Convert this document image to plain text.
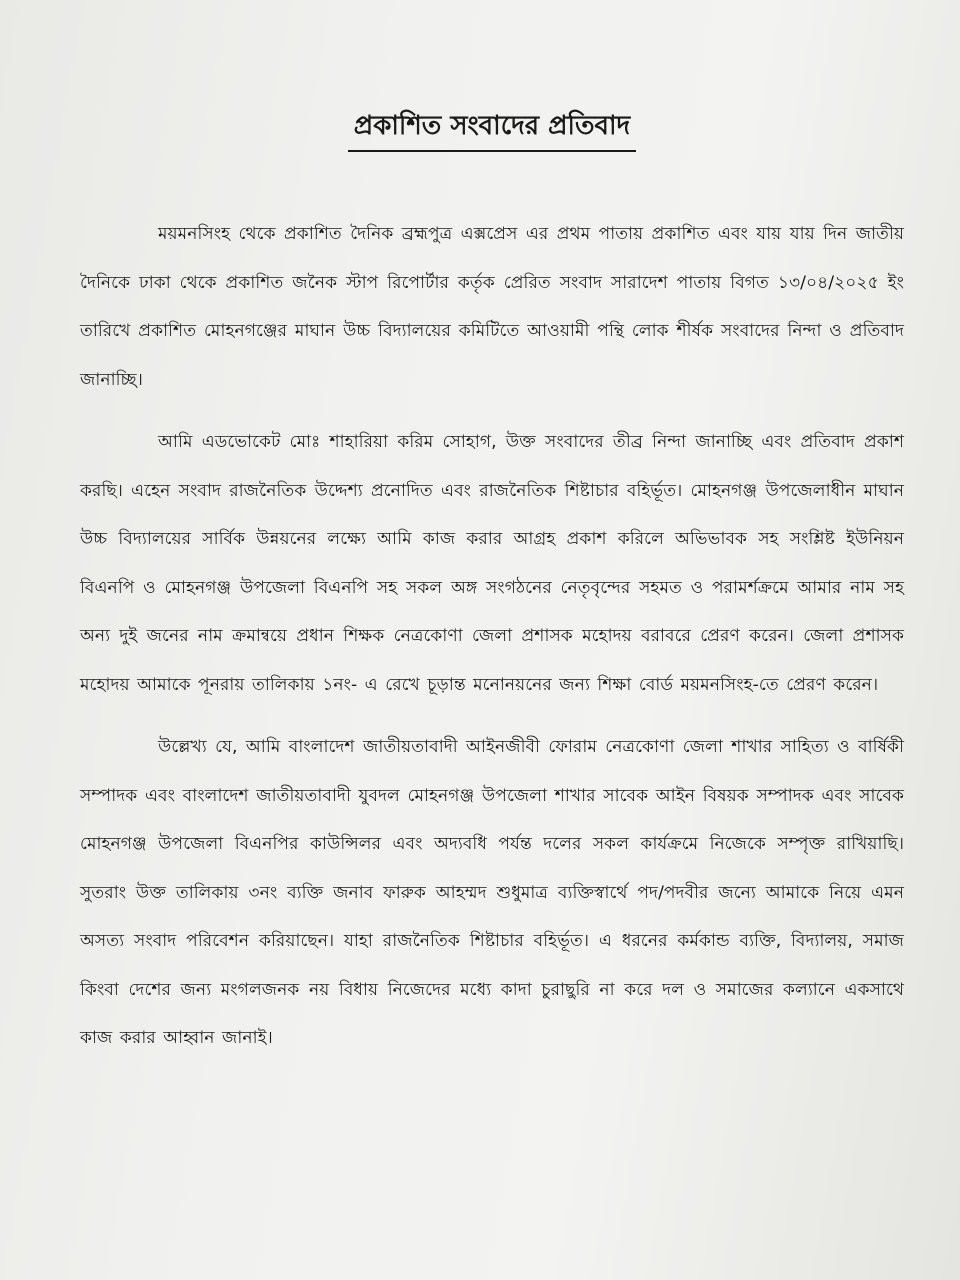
প্রকাশিত সংবাদের প্রতিবাদ

ময়মনসিংহ থেকে প্রকাশিত দৈনিক ব্রহ্মপুত্র এক্সপ্রেস এর প্রথম পাতায় প্রকাশিত এবং যায় যায় দিন জাতীয় দৈনিকে ঢাকা থেকে প্রকাশিত জনৈক স্টাপ রিপোর্টার কর্তৃক প্রেরিত সংবাদ সারাদেশ পাতায় বিগত ১৩/০৪/২০২৫ ইং তারিখে প্রকাশিত মোহনগঞ্জের মাঘান উচ্চ বিদ্যালয়ের কমিটিতে আওয়ামী পন্থি লোক শীর্ষক সংবাদের নিন্দা ও প্রতিবাদ জানাচ্ছি।

আমি এডভোকেট মোঃ শাহারিয়া করিম সোহাগ, উক্ত সংবাদের তীব্র নিন্দা জানাচ্ছি এবং প্রতিবাদ প্রকাশ করছি। এহেন সংবাদ রাজনৈতিক উদ্দেশ্য প্রনোদিত এবং রাজনৈতিক শিষ্টাচার বহির্ভূত। মোহনগঞ্জ উপজেলাধীন মাঘান উচ্চ বিদ্যালয়ের সার্বিক উন্নয়নের লক্ষ্যে আমি কাজ করার আগ্রহ প্রকাশ করিলে অভিভাবক সহ সংশ্লিষ্ট ইউনিয়ন বিএনপি ও মোহনগঞ্জ উপজেলা বিএনপি সহ সকল অঙ্গ সংগঠনের নেতৃবৃন্দের সহমত ও পরামর্শক্রমে আমার নাম সহ অন্য দুই জনের নাম ক্রমান্বয়ে প্রধান শিক্ষক নেত্রকোণা জেলা প্রশাসক মহোদয় বরাবরে প্রেরণ করেন। জেলা প্রশাসক মহোদয় আমাকে পূনরায় তালিকায় ১নং- এ রেখে চূড়ান্ত মনোনয়নের জন্য শিক্ষা বোর্ড ময়মনসিংহ-তে প্রেরণ করেন।

উল্লেখ্য যে, আমি বাংলাদেশ জাতীয়তাবাদী আইনজীবী ফোরাম নেত্রকোণা জেলা শাখার সাহিত্য ও বার্ষিকী সম্পাদক এবং বাংলাদেশ জাতীয়তাবাদী যুবদল মোহনগঞ্জ উপজেলা শাখার সাবেক আইন বিষয়ক সম্পাদক এবং সাবেক মোহনগঞ্জ উপজেলা বিএনপির কাউন্সিলর এবং অদ্যবধি পর্যন্ত দলের সকল কার্যক্রমে নিজেকে সম্পৃক্ত রাখিয়াছি। সুতরাং উক্ত তালিকায় ৩নং ব্যক্তি জনাব ফারুক আহম্মদ শুধুমাত্র ব্যক্তিস্বার্থে পদ/পদবীর জন্যে আমাকে নিয়ে এমন অসত্য সংবাদ পরিবেশন করিয়াছেন। যাহা রাজনৈতিক শিষ্টাচার বহির্ভূত। এ ধরনের কর্মকান্ড ব্যক্তি, বিদ্যালয়, সমাজ কিংবা দেশের জন্য মংগলজনক নয় বিধায় নিজেদের মধ্যে কাদা চুরাছুরি না করে দল ও সমাজের কল্যানে একসাথে কাজ করার আহ্বান জানাই।
